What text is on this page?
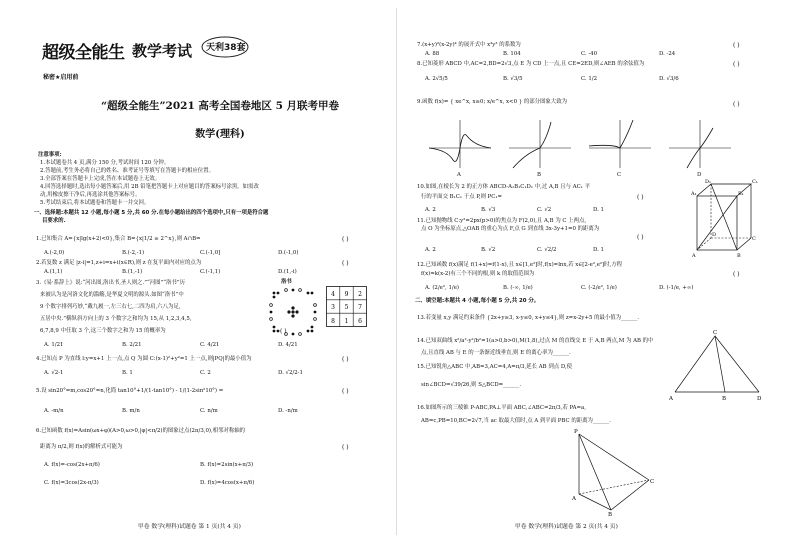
超级全能生 教学考试 天利38套
秘密★启用前
“超级全能生”2021 高考全国卷地区 5 月联考甲卷
数学(理科)
注意事项:
1.本试题卷共 4 页,满分 150 分,考试时间 120 分钟。
2.答题前,考生务必将自己的姓名、准考证号等填写在答题卡的相应位置。
3.全部答案在答题卡上完成,答在本试题卷上无效。
4.回答选择题时,选出每小题答案后,用 2B 铅笔把答题卡上对应题目的答案标号涂黑。如需改
动,用橡皮擦干净后,再选涂其他答案标号。
5.考试结束后,将本试题卷和答题卡一并交回。
一、选择题:本题共 12 小题,每小题 5 分,共 60 分.在每小题给出的四个选项中,只有一项是符合题
目要求的.
1.已知集合 A={x|lg(x+2)<0},集合 B={x|1/2 ≥ 2^x},则 A∩B=	( )
A.(-2,0)	B.(-2,-1)	C.(-1,0]	D.(-1,0)
2.若复数 z 满足 |z-i|=1,z+i=x+i(x∈R),则 z 在复平面内对应的点为	( )
A.(1,1)	B.(1,-1)	C.(-1,1)	D.(1,-i)
3.《易·系辞上》说:“河出图,洛出书,圣人则之.”“河图”“洛书”历
来被认为是河洛文化的滥觞,是华夏文明的源头.如图“洛书”中
9 个数字排列巧妙,“戴九履一,左三右七,二四为肩,六八为足,
五居中央.”横纵斜方向上的 3 个数字之和均为 15,从 1,2,3,4,5,
6,7,8,9 中任取 3 个,这三个数字之和为 15 的概率为	( )
洛书
4 9 2
3 5 7
8 1 6
A. 1/21	B. 2/21	C. 4/21	D. 4/21
4.已知点 P 为直线 l:y=x+1 上一点,点 Q 为圆 C:(x-1)²+y²=1 上一点,则|PQ|的最小值为	( )
A. √2-1	B. 1	C. 2	D. √2/2-1
5.设 sin20°=m,cos20°=n,化简 tan10°+1/(1-tan10°) - 1/(1-2sin²10°) =	( )
A. -m/n	B. m/n	C. n/m	D. -n/m
6.已知函数 f(x)=Asin(ωx+φ)(A>0,ω>0,|φ|<π/2)的图象过点(2π/3,0),相邻对称轴的
距离为 π/2,则 f(x)的解析式可能为	( )
A. f(x)=-cos(2x+π/6)	B. f(x)=2sin(x+π/3)
C. f(x)=3cos(2x-π/3)	D. f(x)=4cos(x+π/6)
甲卷 数学(理科)试题卷 第 1 页(共 4 页)
7.(x+y)²(x-2y)⁴ 的展开式中 x³y³ 的系数为	( )
A. 88	B. 104	C. -40	D. -24
8.已知菱形 ABCD 中,AC=2,BD=2√3,点 E 为 CD 上一点,且 CE=2ED,则∠AEB 的余弦值为	( )
A. 2√5/5	B. √3/5	C. 1/2	D. √3/6
9.函数 f(x)= { xe^x, x≥0; x/e^x, x<0 } 的部分图象大致为	( )
A	B	C	D
10.如图,在棱长为 2 的正方体 ABCD-A₁B₁C₁D₁ 中,过 A,B 且与 AC₁ 平
行的平面交 B₁C₁ 于点 P,则 PC₁=	( )
A. 2	B. √3	C. √2	D. 1
D₁	C₁
A₁	B₁
D
C
A	B
11.已知抛物线 C:y²=2px(p>0)的焦点为 F(2,0),且 A,B 为 C 上两点,
点 O 为坐标原点,△OAB 的重心为点 F,点 G 到直线 3x-3y+1=0 的距离为
( )
A. 2	B. √2	C. √2/2	D. 1
12.已知函数 f(x)满足 f(1+x)=f(1-x),且 x∈[1,e²]时,f(x)=lnx,若 x∈[2-e²,e²]时,方程
f(x)=k(x-2)有三个不同的根,则 k 的取值范围为	( )
A. (2/e², 1/e)	B. (-∞, 1/e)	C. (-2/e², 1/e)	D. (-1/e, +∞)
二、填空题:本题共 4 小题,每小题 5 分,共 20 分。
13.若变量 x,y 满足约束条件 {2x+y≥3, x-y≤0, x+y≤4},则 z=x-2y+5 的最小值为______.
14.已知双曲线 x²/a²-y²/b²=1(a>0,b>0),M(1,8),过点 M 的直线交 E 于 A,B 两点,M 为 AB 的中
点,且直线 AB 与 E 的一条渐近线垂直,则 E 的离心率为______.
15.已知锐角△ABC 中,AB=3,AC=4,A=π/3,延长 AB 到点 D,使
sin∠BCD=√39/26,则 S△BCD=______.
C
A	B	D
16.如图所示的三棱锥 P-ABC,PA⊥平面 ABC,∠ABC=2π/3,若 PA=a,
AB=c,PB=10,BC=2√7,当 ac 取最大值时,点 A 到平面 PBC 的距离为______.
P
A
B
C
甲卷 数学(理科)试题卷 第 2 页(共 4 页)
